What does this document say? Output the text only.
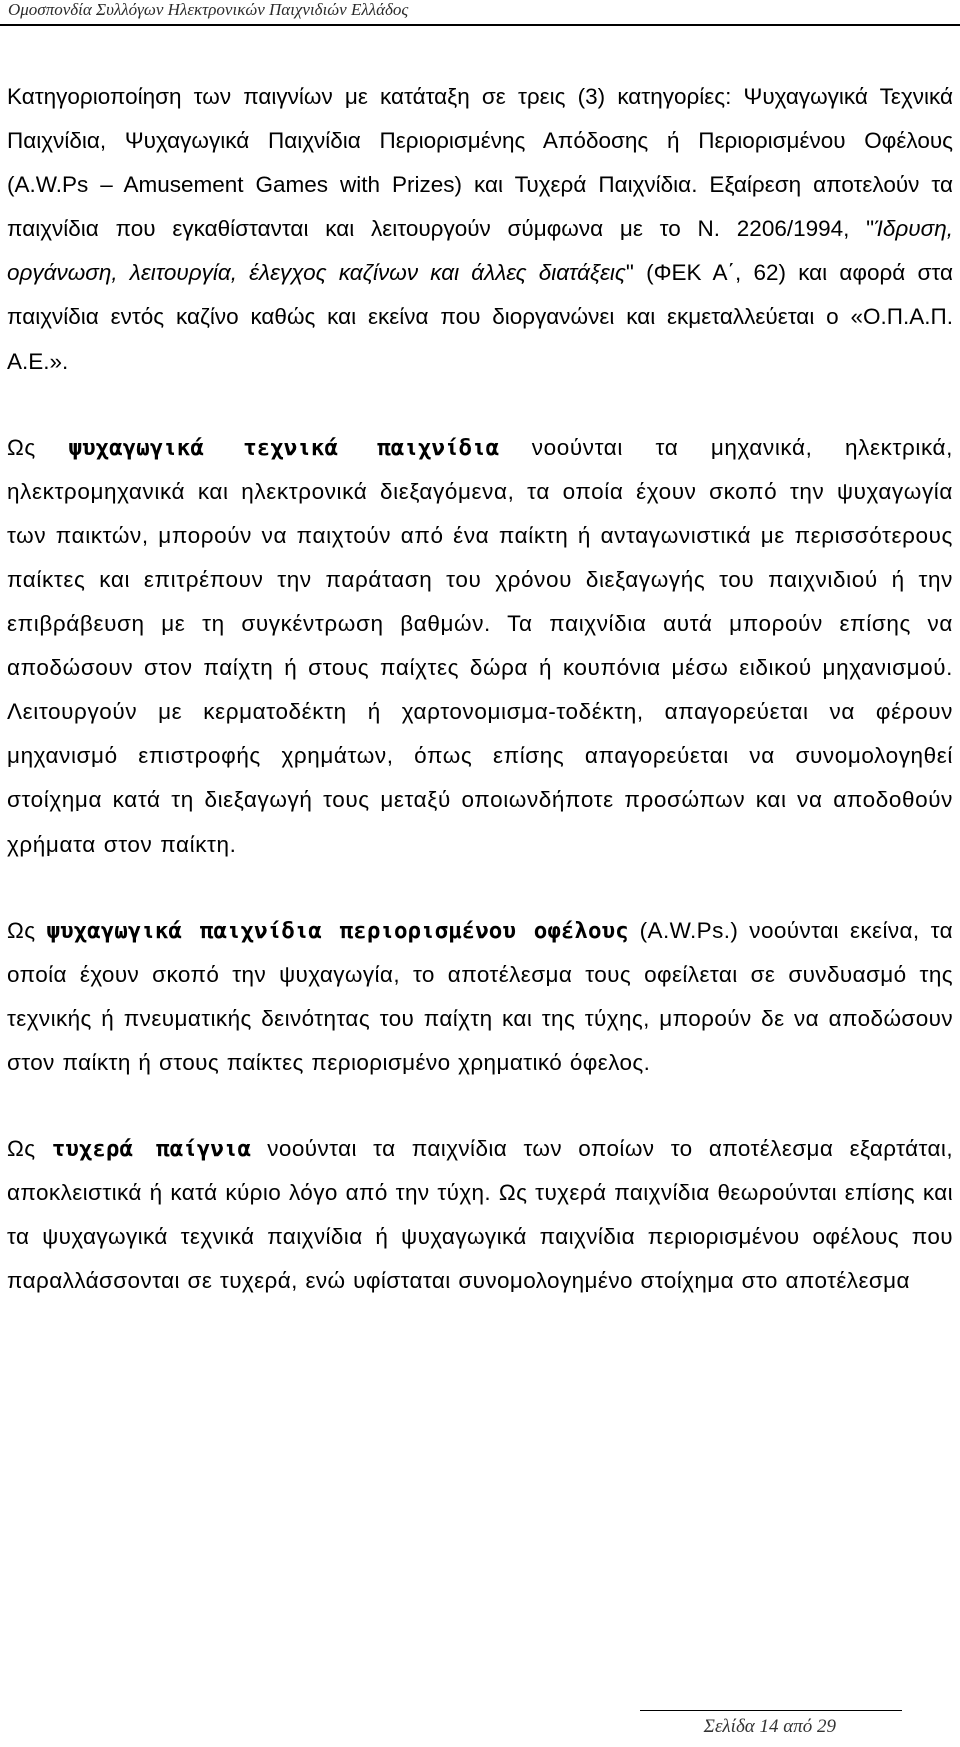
Ομοσπονδία Συλλόγων Ηλεκτρονικών Παιχνιδιών Ελλάδος

Κατηγοριοποίηση των παιγνίων με κατάταξη σε τρεις (3) κατηγορίες: Ψυχαγωγικά Τεχνικά Παιχνίδια, Ψυχαγωγικά Παιχνίδια Περιορισμένης Απόδοσης ή Περιορισμένου Οφέλους (A.W.Ps – Amusement Games with Prizes) και Τυχερά Παιχνίδια. Εξαίρεση αποτελούν τα παιχνίδια που εγκαθίστανται και λειτουργούν σύμφωνα με το Ν. 2206/1994, "Ίδρυση, οργάνωση, λειτουργία, έλεγχος καζίνων και άλλες διατάξεις" (ΦΕΚ Α΄, 62) και αφορά στα παιχνίδια εντός καζίνο καθώς και εκείνα που διοργανώνει και εκμεταλλεύεται ο «Ο.Π.Α.Π. Α.Ε.».

Ως ψυχαγωγικά τεχνικά παιχνίδια νοούνται τα μηχανικά, ηλεκτρικά, ηλεκτρομηχανικά και ηλεκτρονικά διεξαγόμενα, τα οποία έχουν σκοπό την ψυχαγωγία των παικτών, μπορούν να παιχτούν από ένα παίκτη ή ανταγωνιστικά με περισσότερους παίκτες και επιτρέπουν την παράταση του χρόνου διεξαγωγής του παιχνιδιού ή την επιβράβευση με τη συγκέντρωση βαθμών. Τα παιχνίδια αυτά μπορούν επίσης να αποδώσουν στον παίχτη ή στους παίχτες δώρα ή κουπόνια μέσω ειδικού μηχανισμού. Λειτουργούν με κερματοδέκτη ή χαρτονομισμα-τοδέκτη, απαγορεύεται να φέρουν μηχανισμό επιστροφής χρημάτων, όπως επίσης απαγορεύεται να συνομολογηθεί στοίχημα κατά τη διεξαγωγή τους μεταξύ οποιωνδήποτε προσώπων και να αποδοθούν χρήματα στον παίκτη.

Ως ψυχαγωγικά παιχνίδια περιορισμένου οφέλους (A.W.Ps.) νοούνται εκείνα, τα οποία έχουν σκοπό την ψυχαγωγία, το αποτέλεσμα τους οφείλεται σε συνδυασμό της τεχνικής ή πνευματικής δεινότητας του παίχτη και της τύχης, μπορούν δε να αποδώσουν στον παίκτη ή στους παίκτες περιορισμένο χρηματικό όφελος.

Ως τυχερά παίγνια νοούνται τα παιχνίδια των οποίων το αποτέλεσμα εξαρτάται, αποκλειστικά ή κατά κύριο λόγο από την τύχη. Ως τυχερά παιχνίδια θεωρούνται επίσης και τα ψυχαγωγικά τεχνικά παιχνίδια ή ψυχαγωγικά παιχνίδια περιορισμένου οφέλους που παραλλάσσονται σε τυχερά, ενώ υφίσταται συνομολογημένο στοίχημα στο αποτέλεσμα

Σελίδα 14 από 29
